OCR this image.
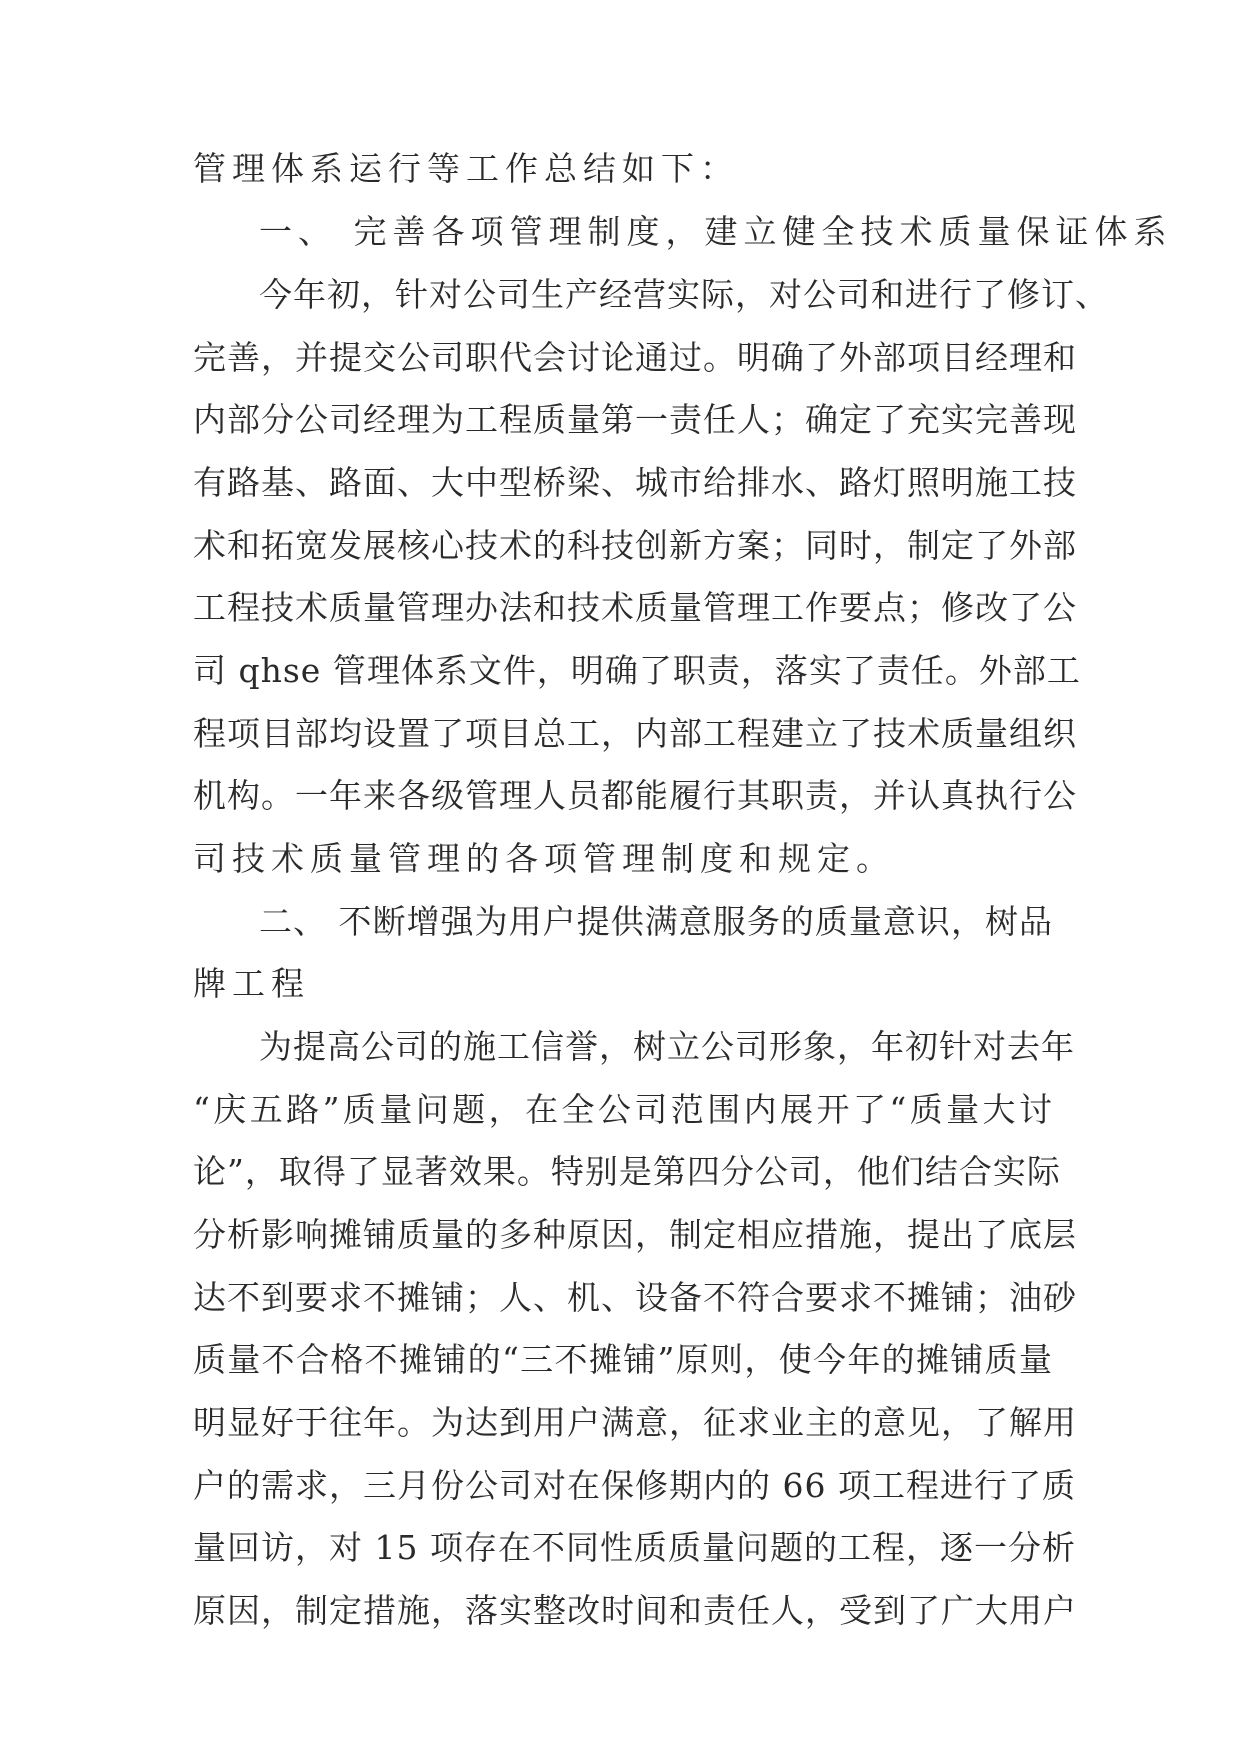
管理体系运行等工作总结如下：
一、 完善各项管理制度，建立健全技术质量保证体系
今年初，针对公司生产经营实际，对公司和进行了修订、
完善，并提交公司职代会讨论通过。明确了外部项目经理和
内部分公司经理为工程质量第一责任人；确定了充实完善现
有路基、路面、大中型桥梁、城市给排水、路灯照明施工技
术和拓宽发展核心技术的科技创新方案；同时，制定了外部
工程技术质量管理办法和技术质量管理工作要点；修改了公
司 qhse 管理体系文件，明确了职责，落实了责任。外部工
程项目部均设置了项目总工，内部工程建立了技术质量组织
机构。一年来各级管理人员都能履行其职责，并认真执行公
司技术质量管理的各项管理制度和规定。
二、 不断增强为用户提供满意服务的质量意识，树品
牌工程
为提高公司的施工信誉，树立公司形象，年初针对去年
“庆五路”质量问题，在全公司范围内展开了“质量大讨
论”，取得了显著效果。特别是第四分公司，他们结合实际
分析影响摊铺质量的多种原因，制定相应措施，提出了底层
达不到要求不摊铺；人、机、设备不符合要求不摊铺；油砂
质量不合格不摊铺的“三不摊铺”原则，使今年的摊铺质量
明显好于往年。为达到用户满意，征求业主的意见，了解用
户的需求，三月份公司对在保修期内的 66 项工程进行了质
量回访，对 15 项存在不同性质质量问题的工程，逐一分析
原因，制定措施，落实整改时间和责任人，受到了广大用户
